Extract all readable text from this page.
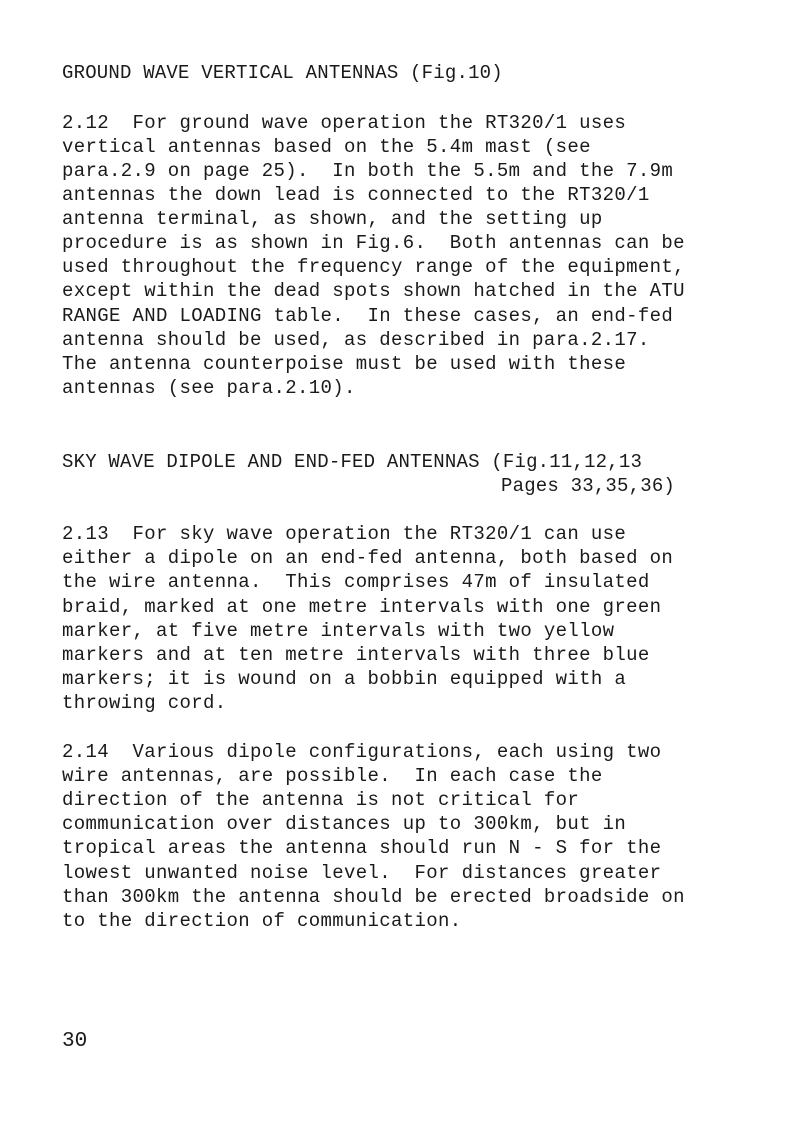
GROUND WAVE VERTICAL ANTENNAS (Fig.10)
2.12  For ground wave operation the RT320/1 uses
vertical antennas based on the 5.4m mast (see
para.2.9 on page 25).  In both the 5.5m and the 7.9m
antennas the down lead is connected to the RT320/1
antenna terminal, as shown, and the setting up
procedure is as shown in Fig.6.  Both antennas can be
used throughout the frequency range of the equipment,
except within the dead spots shown hatched in the ATU
RANGE AND LOADING table.  In these cases, an end-fed
antenna should be used, as described in para.2.17.
The antenna counterpoise must be used with these
antennas (see para.2.10).
SKY WAVE DIPOLE AND END-FED ANTENNAS (Fig.11,12,13
Pages 33,35,36)
2.13  For sky wave operation the RT320/1 can use
either a dipole on an end-fed antenna, both based on
the wire antenna.  This comprises 47m of insulated
braid, marked at one metre intervals with one green
marker, at five metre intervals with two yellow
markers and at ten metre intervals with three blue
markers; it is wound on a bobbin equipped with a
throwing cord.
2.14  Various dipole configurations, each using two
wire antennas, are possible.  In each case the
direction of the antenna is not critical for
communication over distances up to 300km, but in
tropical areas the antenna should run N - S for the
lowest unwanted noise level.  For distances greater
than 300km the antenna should be erected broadside on
to the direction of communication.
30
